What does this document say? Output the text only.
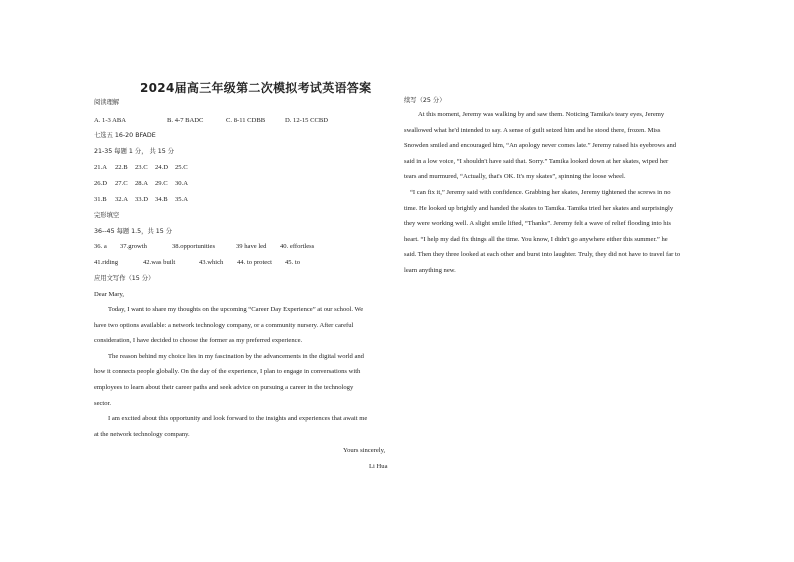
2024届高三年级第二次模拟考试英语答案
阅读理解
A. 1-3 ABA	B. 4-7 BADC	C. 8-11 CDBB	D. 12-15 CCBD
七选五 16-20 BFADE
21-35 每题 1 分， 共 15 分
21.A 22.B 23.C 24.D 25.C
26.D 27.C 28.A 29.C 30.A
31.B 32.A 33.D 34.B 35.A
完形填空
36--45 每题 1.5，共 15 分
36. a 37.growth	38.opportunities	39 have led 40. effortless
41.riding	42.was built	43.which 44. to protect 45. to
应用文写作（15 分）
Dear Mary,

Today, I want to share my thoughts on the upcoming “Career Day Experience” at our school. We

have two options available: a network technology company, or a community nursery. After careful

consideration, I have decided to choose the former as my preferred experience.

The reason behind my choice lies in my fascination by the advancements in the digital world and

how it connects people globally. On the day of the experience, I plan to engage in conversations with

employees to learn about their career paths and seek advice on pursuing a career in the technology

sector.

I am excited about this opportunity and look forward to the insights and experiences that await me

at the network technology company.

Yours sincerely,
Li Hua
续写（25 分）

At this moment, Jeremy was walking by and saw them. Noticing Tamika's teary eyes, Jeremy

swallowed what he'd intended to say. A sense of guilt seized him and he stood there, frozen. Miss

Snowden smiled and encouraged him, “An apology never comes late.” Jeremy raised his eyebrows and

said in a low voice, “I shouldn't have said that. Sorry.” Tamika looked down at her skates, wiped her

tears and murmured, “Actually, that's OK. It's my skates”, spinning the loose wheel.

“I can fix it,” Jeremy said with confidence. Grabbing her skates, Jeremy tightened the screws in no

time. He looked up brightly and handed the skates to Tamika. Tamika tried her skates and surprisingly

they were working well. A slight smile lifted, “Thanks”. Jeremy felt a wave of relief flooding into his

heart. “I help my dad fix things all the time. You know, I didn't go anywhere either this summer.” he

said. Then they three looked at each other and burst into laughter. Truly, they did not have to travel far to

learn anything new.
